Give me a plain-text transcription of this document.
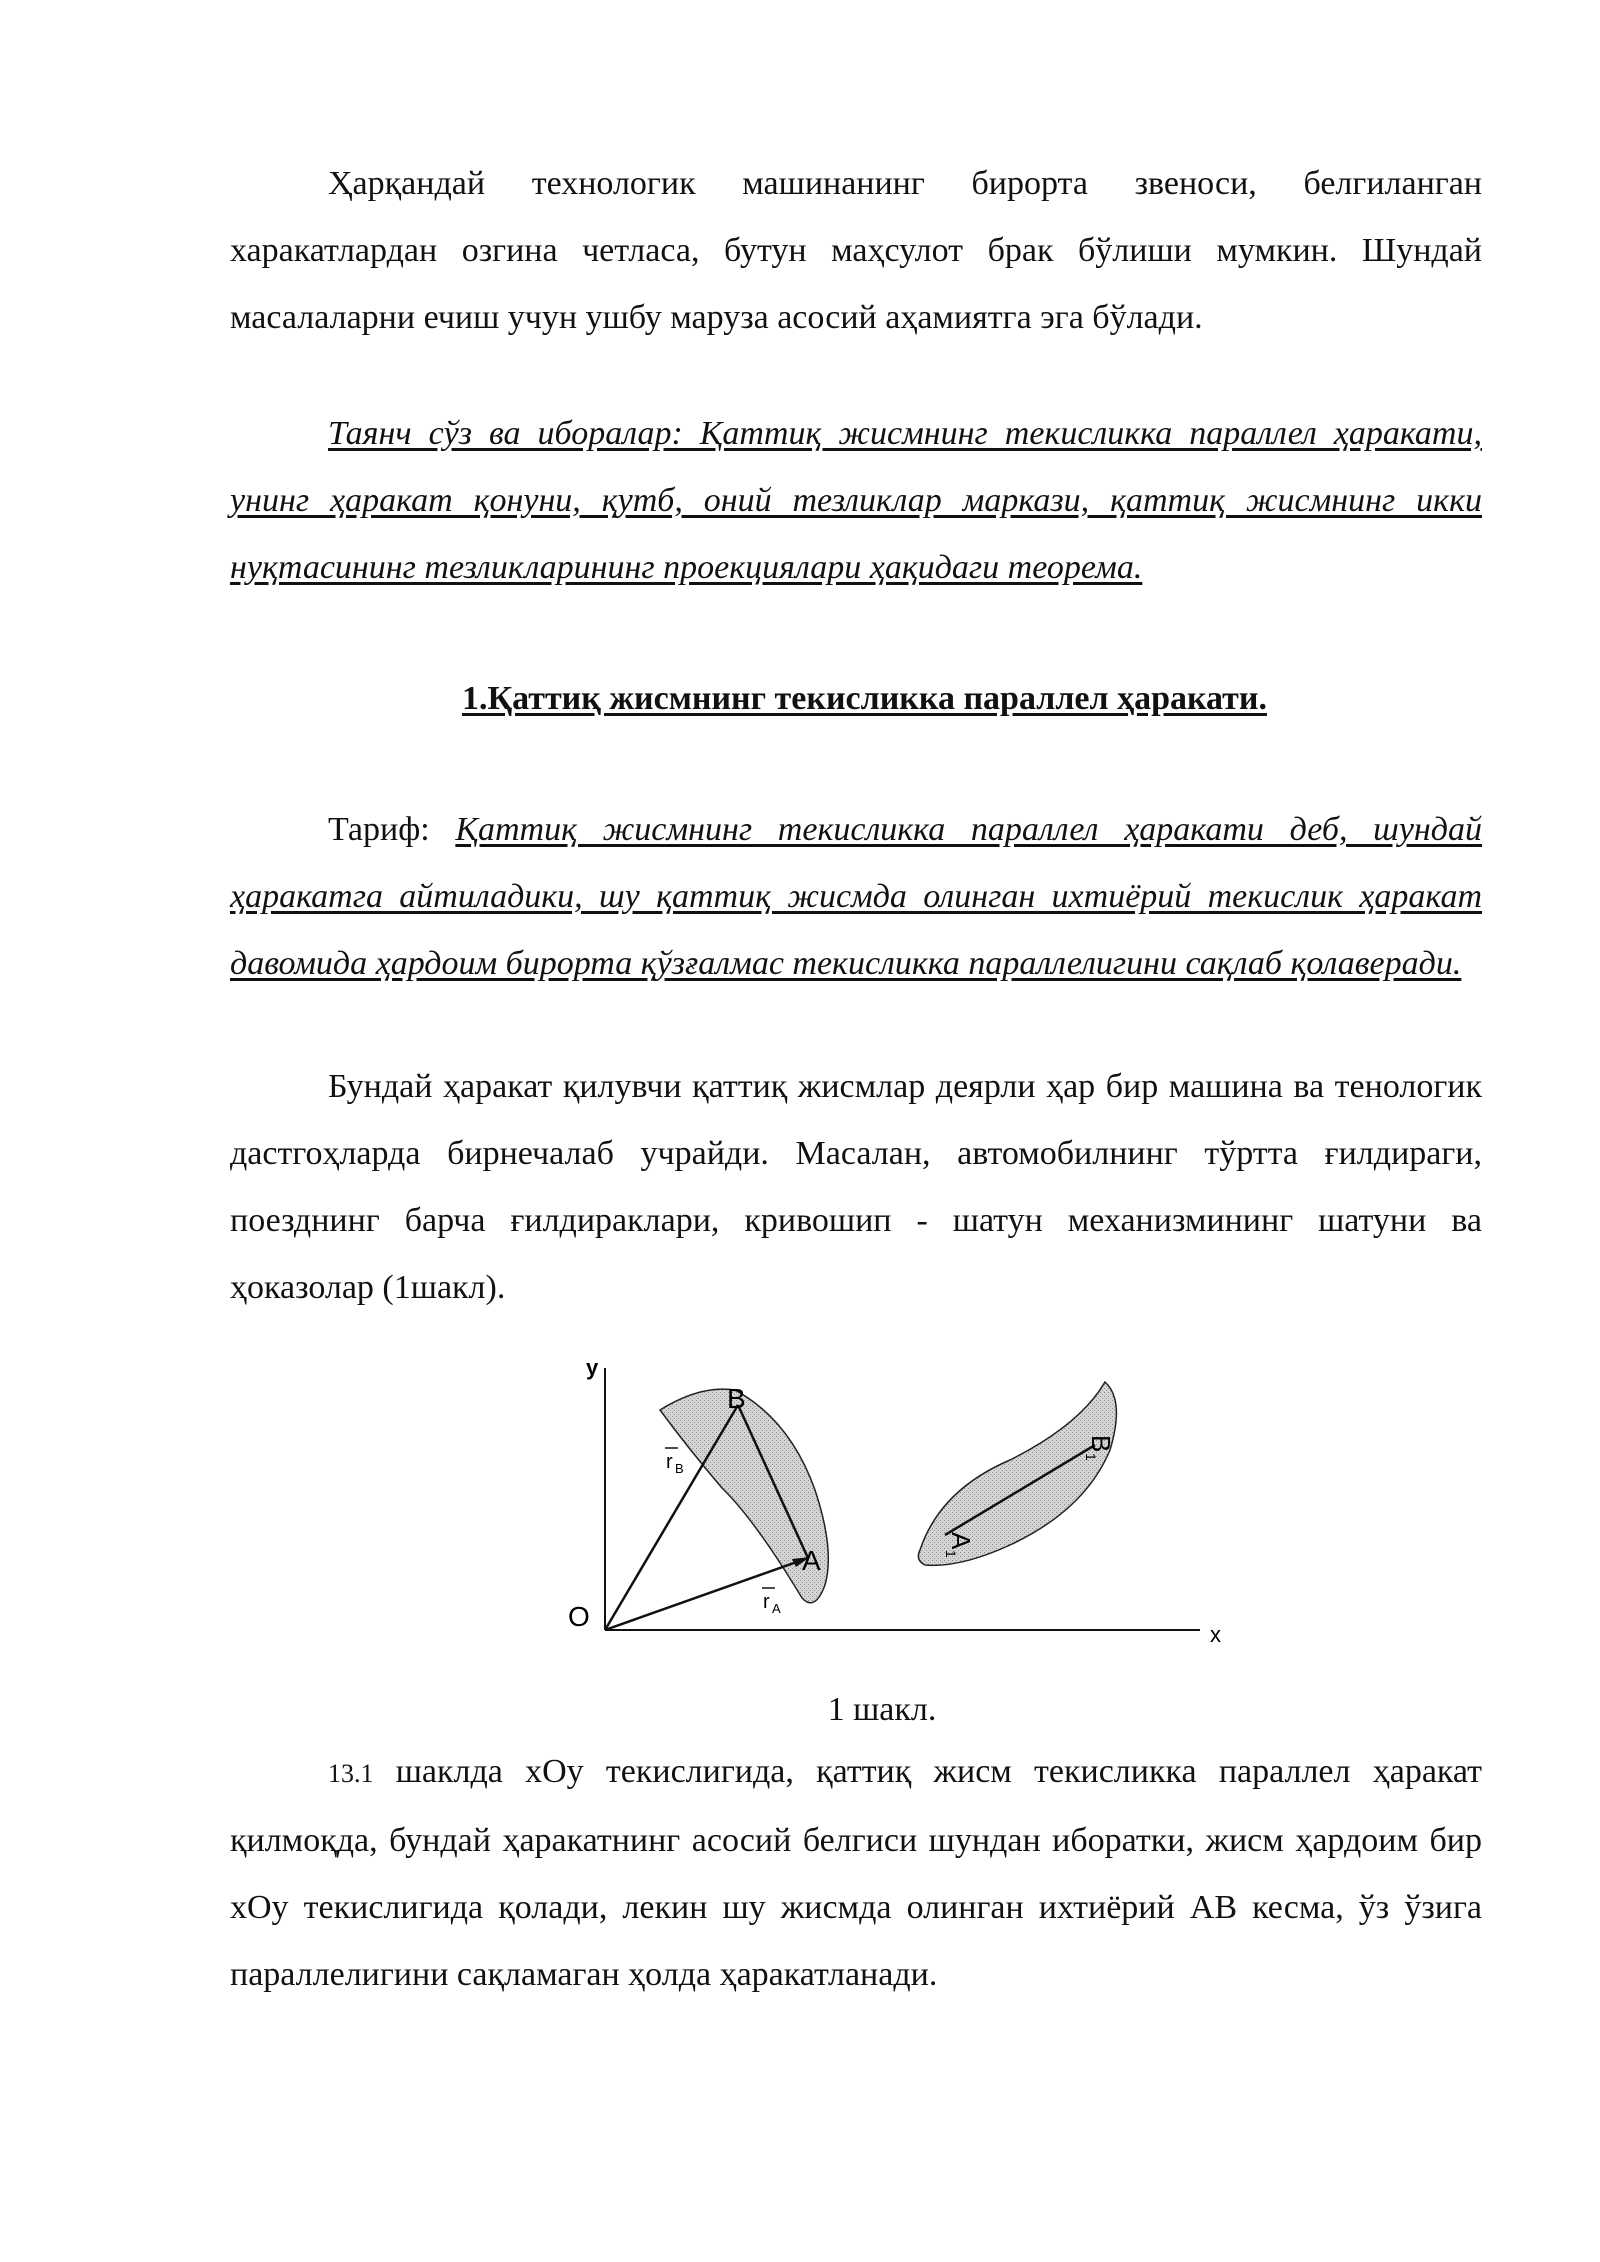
Ҳарқандай технологик машинанинг бирорта звеноси, белгиланган харакатлардан озгина четласа, бутун маҳсулот брак бўлиши мумкин. Шундай масалаларни ечиш учун ушбу маруза асосий аҳамиятга эга бўлади.
Таянч сўз ва иборалар: Қаттиқ жисмнинг текисликка параллел ҳаракати, унинг ҳаракат қонуни, қутб, оний тезликлар маркази, қаттиқ жисмнинг икки нуқтасининг тезликларининг проекциялари ҳақидаги теорема.
1.Қаттиқ жисмнинг текисликка параллел ҳаракати.
Тариф: Қаттиқ жисмнинг текисликка параллел ҳаракати деб, шундай ҳаракатга айтиладики, шу қаттиқ жисмда олинган ихтиёрий текислик ҳаракат давомида ҳардоим бирорта қўзғалмас текисликка параллелигини сақлаб қолаверади.
Бундай ҳаракат қилувчи қаттиқ жисмлар деярли ҳар бир машина ва тенологик дастгоҳларда бирнечалаб учрайди. Масалан, автомобилнинг тўртта ғилдираги, поезднинг барча ғилдираклари, кривошип - шатун механизмининг шатуни ва ҳоказолар (1шакл).
y
x
O
B
A
r B
r A
B
1
A
1
1 шакл.
13.1 шаклда хОу текислигида, қаттиқ жисм текисликка параллел ҳаракат қилмоқда, бундай ҳаракатнинг асосий белгиси шундан иборатки, жисм ҳардоим бир хОу текислигида қолади, лекин шу жисмда олинган ихтиёрий АВ кесма, ўз ўзига параллелигини сақламаган ҳолда ҳаракатланади.
